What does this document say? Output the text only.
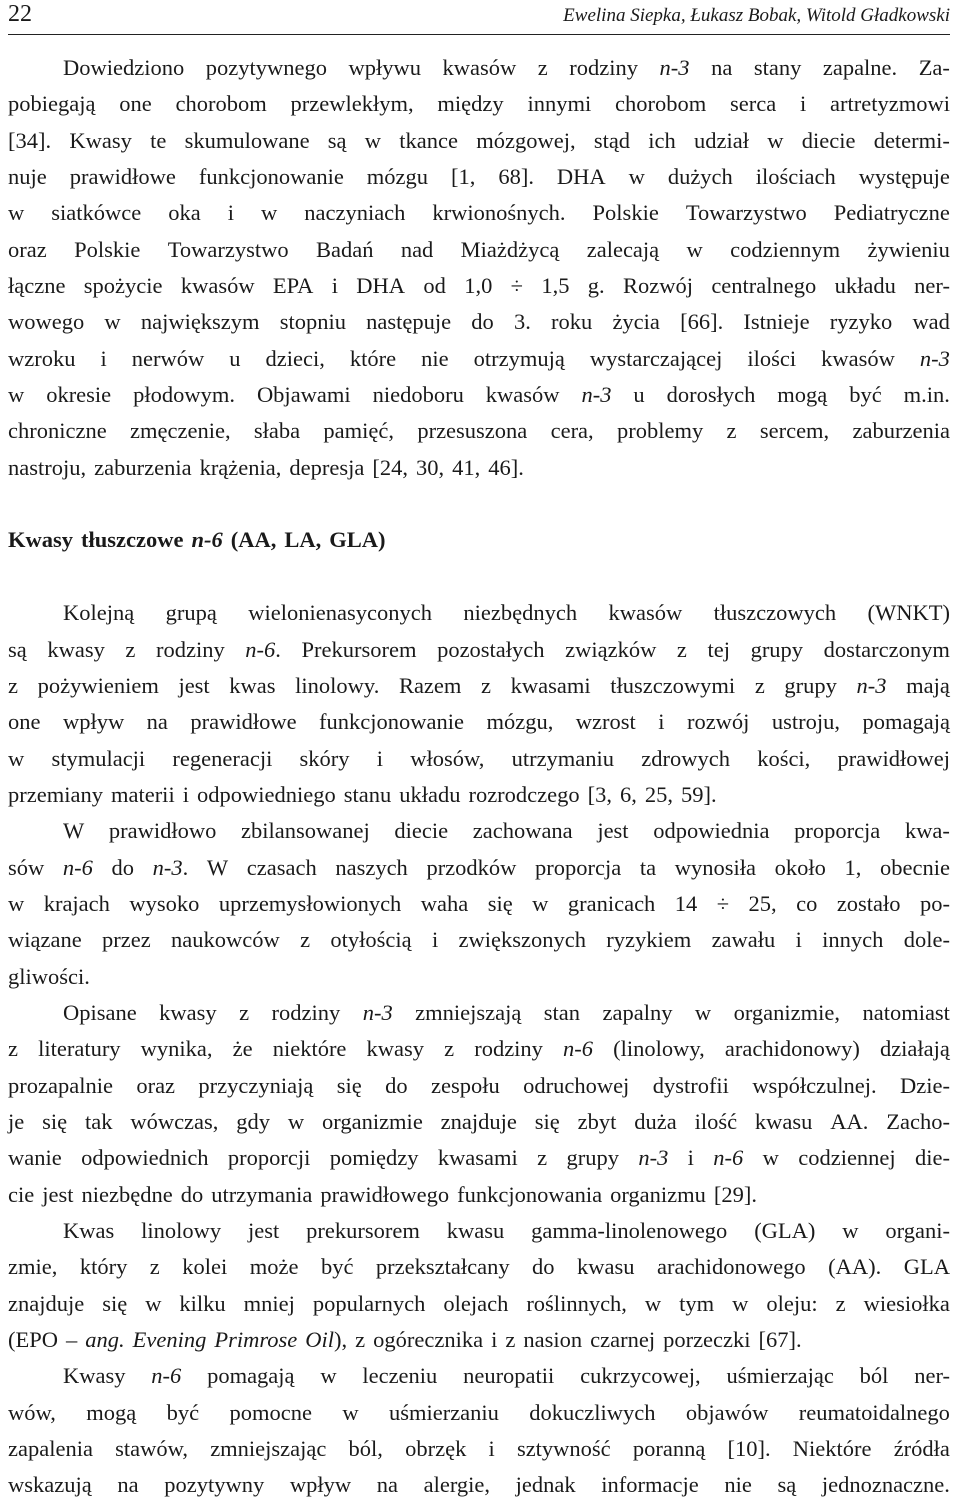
22	Ewelina Siepka, Łukasz Bobak, Witold Gładkowski
Dowiedziono pozytywnego wpływu kwasów z rodziny n-3 na stany zapalne. Za-
pobiegają one chorobom przewlekłym, między innymi chorobom serca i artretyzmowi
[34]. Kwasy te skumulowane są w tkance mózgowej, stąd ich udział w diecie determi-
nuje prawidłowe funkcjonowanie mózgu [1, 68]. DHA w dużych ilościach występuje
w siatkówce oka i w naczyniach krwionośnych. Polskie Towarzystwo Pediatryczne
oraz Polskie Towarzystwo Badań nad Miażdżycą zalecają w codziennym żywieniu
łączne spożycie kwasów EPA i DHA od 1,0 ÷ 1,5 g. Rozwój centralnego układu ner-
wowego w największym stopniu następuje do 3. roku życia [66]. Istnieje ryzyko wad
wzroku i nerwów u dzieci, które nie otrzymują wystarczającej ilości kwasów n-3
w okresie płodowym. Objawami niedoboru kwasów n-3 u dorosłych mogą być m.in.
chroniczne zmęczenie, słaba pamięć, przesuszona cera, problemy z sercem, zaburzenia
nastroju, zaburzenia krążenia, depresja [24, 30, 41, 46].
Kwasy tłuszczowe n-6 (AA, LA, GLA)
Kolejną grupą wielonienasyconych niezbędnych kwasów tłuszczowych (WNKT)
są kwasy z rodziny n-6. Prekursorem pozostałych związków z tej grupy dostarczonym
z pożywieniem jest kwas linolowy. Razem z kwasami tłuszczowymi z grupy n-3 mają
one wpływ na prawidłowe funkcjonowanie mózgu, wzrost i rozwój ustroju, pomagają
w stymulacji regeneracji skóry i włosów, utrzymaniu zdrowych kości, prawidłowej
przemiany materii i odpowiedniego stanu układu rozrodczego [3, 6, 25, 59].
W prawidłowo zbilansowanej diecie zachowana jest odpowiednia proporcja kwa-
sów n-6 do n-3. W czasach naszych przodków proporcja ta wynosiła około 1, obecnie
w krajach wysoko uprzemysłowionych waha się w granicach 14 ÷ 25, co zostało po-
wiązane przez naukowców z otyłością i zwiększonych ryzykiem zawału i innych dole-
gliwości.
Opisane kwasy z rodziny n-3 zmniejszają stan zapalny w organizmie, natomiast
z literatury wynika, że niektóre kwasy z rodziny n-6 (linolowy, arachidonowy) działają
prozapalnie oraz przyczyniają się do zespołu odruchowej dystrofii współczulnej. Dzie-
je się tak wówczas, gdy w organizmie znajduje się zbyt duża ilość kwasu AA. Zacho-
wanie odpowiednich proporcji pomiędzy kwasami z grupy n-3 i n-6 w codziennej die-
cie jest niezbędne do utrzymania prawidłowego funkcjonowania organizmu [29].
Kwas linolowy jest prekursorem kwasu gamma-linolenowego (GLA) w organi-
zmie, który z kolei może być przekształcany do kwasu arachidonowego (AA). GLA
znajduje się w kilku mniej popularnych olejach roślinnych, w tym w oleju: z wiesiołka
(EPO – ang. Evening Primrose Oil), z ogórecznika i z nasion czarnej porzeczki [67].
Kwasy n-6 pomagają w leczeniu neuropatii cukrzycowej, uśmierzając ból ner-
wów, mogą być pomocne w uśmierzaniu dokuczliwych objawów reumatoidalnego
zapalenia stawów, zmniejszając ból, obrzęk i sztywność poranną [10]. Niektóre źródła
wskazują na pozytywny wpływ na alergie, jednak informacje nie są jednoznaczne.
